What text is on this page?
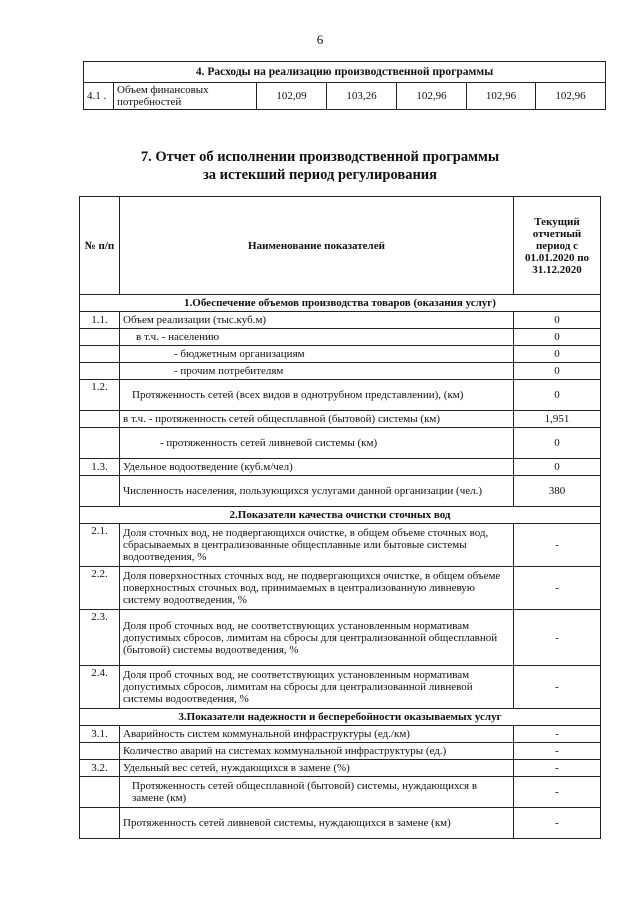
6
4. Расходы на реализацию производственной программы
4.1 .	Объем финансовых потребностей	102,09	103,26	102,96	102,96	102,96
7. Отчет об исполнении производственной программы
за истекший период регулирования
№ п/п	Наименование показателей	Текущий отчетный период с 01.01.2020 по 31.12.2020
1.Обеспечение объемов производства товаров (оказания услуг)		
1.1.	Объем реализации (тыс.куб.м)	0
	в т.ч. - населению	0
	- бюджетным организациям	0
	- прочим потребителям	0
1.2.	Протяженность сетей (всех видов в однотрубном представлении), (км)	0
	в т.ч. - протяженность сетей общесплавной (бытовой) системы (км)	1,951
	- протяженность сетей ливневой системы (км)	0
1.3.	Удельное водоотведение (куб.м/чел)	0
	Численность населения, пользующихся услугами данной организации (чел.)	380
2.Показатели качества очистки сточных вод		
2.1.	Доля сточных вод, не подвергающихся очистке, в общем объеме сточных вод, сбрасываемых в централизованные общесплавные или бытовые системы водоотведения, %	-
2.2.	Доля поверхностных сточных вод, не подвергающихся очистке, в общем объеме поверхностных сточных вод, принимаемых в централизованную ливневую систему водоотведения, %	-
2.3.	Доля проб сточных вод, не соответствующих установленным нормативам допустимых сбросов, лимитам на сбросы для централизованной общесплавной (бытовой) системы водоотведения, %	-
2.4.	Доля проб сточных вод, не соответствующих установленным нормативам допустимых сбросов, лимитам на сбросы для централизованной ливневой системы водоотведения, %	-
3.Показатели надежности и бесперебойности оказываемых услуг		
3.1.	Аварийность систем коммунальной инфраструктуры (ед./км)	-
	Количество аварий на системах коммунальной инфраструктуры (ед.)	-
3.2.	Удельный вес сетей, нуждающихся в замене (%)	-
	Протяженность сетей общесплавной (бытовой) системы, нуждающихся в замене (км)	-
	Протяженность сетей ливневой системы, нуждающихся в замене (км)	-
